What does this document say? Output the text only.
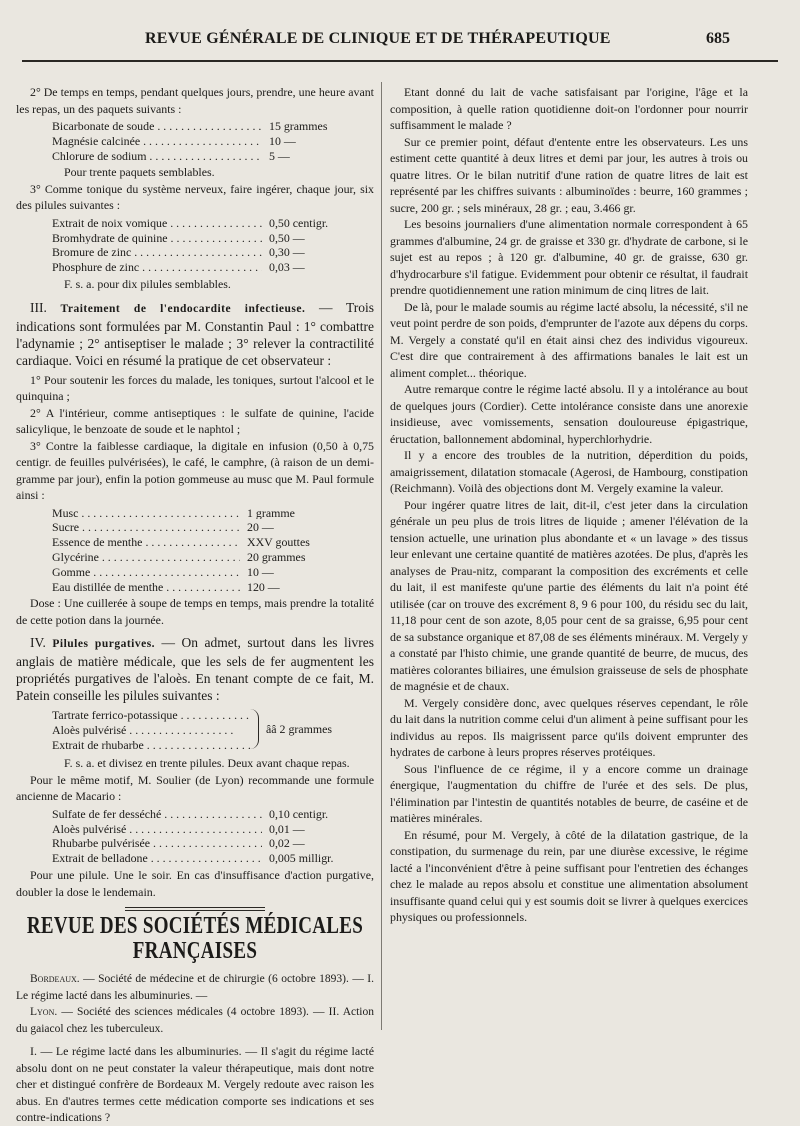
REVUE GÉNÉRALE DE CLINIQUE ET DE THÉRAPEUTIQUE	685

2° De temps en temps, pendant quelques jours, prendre, une heure avant les repas, un des paquets suivants :

Bicarbonate de soude . . .	15 grammes
Magnésie calcinée . . .	10 —
Chlorure de sodium . . .	5 —

Pour trente paquets semblables.

3° Comme tonique du système nerveux, faire ingérer, chaque jour, six des pilules suivantes :

Extrait de noix vomique . . .	0,50 centigr.
Bromhydrate de quinine . . .	0,50 —
Bromure de zinc . . .	0,30 —
Phosphure de zinc . . .	0,03 —

F. s. a. pour dix pilules semblables.

III. Traitement de l'endocardite infectieuse. — Trois indications sont formulées par M. Constantin Paul : 1° combattre l'adynamie ; 2° antiseptiser le malade ; 3° relever la contractilité cardiaque. Voici en résumé la pratique de cet observateur :

1° Pour soutenir les forces du malade, les toniques, surtout l'alcool et le quinquina ;

2° A l'intérieur, comme antiseptiques : le sulfate de quinine, l'acide salicylique, le benzoate de soude et le naphtol ;

3° Contre la faiblesse cardiaque, la digitale en infusion (0,50 à 0,75 centigr. de feuilles pulvérisées), le café, le camphre, (à raison de un demi-gramme par jour), enfin la potion gommeuse au musc que M. Paul formule ainsi :

Musc . . .	1 gramme
Sucre . . .	20 —
Essence de menthe . . .	XXV gouttes
Glycérine . . .	20 grammes
Gomme . . .	10 —
Eau distillée de menthe . . .	120 —

Dose : Une cuillerée à soupe de temps en temps, mais prendre la totalité de cette potion dans la journée.

IV. Pilules purgatives. — On admet, surtout dans les livres anglais de matière médicale, que les sels de fer augmentent les propriétés purgatives de l'aloès. En tenant compte de ce fait, M. Patein conseille les pilules suivantes :

Tartrate ferrico-potassique . . .
Aloès pulvérisé . . .
Extrait de rhubarbe . . .
ââ 2 grammes

F. s. a. et divisez en trente pilules. Deux avant chaque repas.

Pour le même motif, M. Soulier (de Lyon) recommande une formule ancienne de Macario :

Sulfate de fer desséché . . .	0,10 centigr.
Aloès pulvérisé . . .	0,01 —
Rhubarbe pulvérisée . . .	0,02 —
Extrait de belladone . . .	0,005 milligr.

Pour une pilule. Une le soir. En cas d'insuffisance d'action purgative, doubler la dose le lendemain.

REVUE DES SOCIÉTÉS MÉDICALES FRANÇAISES

Bordeaux. — Société de médecine et de chirurgie (6 octobre 1893). — I. Le régime lacté dans les albuminuries. —

Lyon. — Société des sciences médicales (4 octobre 1893). — II. Action du gaiacol chez les tuberculeux.

I. — Le régime lacté dans les albuminuries. — Il s'agit du régime lacté absolu dont on ne peut constater la valeur thérapeutique, mais dont notre cher et distingué confrère de Bordeaux M. Vergely redoute avec raison les abus. En d'autres termes cette médication comporte ses indications et ses contre-indications ?

Etant donné du lait de vache satisfaisant par l'origine, l'âge et la composition, à quelle ration quotidienne doit-on l'ordonner pour nourrir suffisamment le malade ?

Sur ce premier point, défaut d'entente entre les observateurs. Les uns estiment cette quantité à deux litres et demi par jour, les autres à trois ou quatre litres. Or le bilan nutritif d'une ration de quatre litres de lait est représenté par les chiffres suivants : albuminoïdes : beurre, 160 grammes ; sucre, 200 gr. ; sels minéraux, 28 gr. ; eau, 3.466 gr.

Les besoins journaliers d'une alimentation normale correspondent à 65 grammes d'albumine, 24 gr. de graisse et 330 gr. d'hydrate de carbone, si le sujet est au repos ; à 120 gr. d'albumine, 40 gr. de graisse, 630 gr. d'hydrocarbure s'il fatigue. Evidemment pour obtenir ce résultat, il faudrait prendre quotidiennement une ration minimum de cinq litres de lait.

De là, pour le malade soumis au régime lacté absolu, la nécessité, s'il ne veut point perdre de son poids, d'emprunter de l'azote aux dépens du corps. M. Vergely a constaté qu'il en était ainsi chez des individus vigoureux. C'est dire que contrairement à des affirmations banales le lait est un aliment complet... théorique.

Autre remarque contre le régime lacté absolu. Il y a intolérance au bout de quelques jours (Cordier). Cette intolérance consiste dans une anorexie insidieuse, avec vomissements, sensation douloureuse épigastrique, éructation, ballonnement abdominal, hyperchlorhydrie.

Il y a encore des troubles de la nutrition, déperdition du poids, amaigrissement, dilatation stomacale (Agerosi, de Hambourg, constipation (Reichmann). Voilà des objections dont M. Vergely examine la valeur.

Pour ingérer quatre litres de lait, dit-il, c'est jeter dans la circulation générale un peu plus de trois litres de liquide ; amener l'élévation de la tension actuelle, une urination plus abondante et « un lavage » des tissus leur enlevant une certaine quantité de matières azotées. De plus, d'après les analyses de Prau-nitz, comparant la composition des excréments et celle du lait, il est manifeste qu'une partie des éléments du lait n'a point été utilisée (car on trouve des excrément 8, 9 6 pour 100, du résidu sec du lait, 11,18 pour cent de son azote, 8,05 pour cent de sa graisse, 6,95 pour cent de sa substance organique et 87,08 de ses éléments minéraux. M. Vergely y a constaté par l'histo chimie, une grande quantité de beurre, de mucus, des matières colorantes biliaires, une émulsion graisseuse de sels de phosphate de magnésie et de chaux.

M. Vergely considère donc, avec quelques réserves cependant, le rôle du lait dans la nutrition comme celui d'un aliment à peine suffisant pour les individus au repos. Ils maigrissent parce qu'ils doivent emprunter des hydrates de carbone à leurs propres réserves protéiques.

Sous l'influence de ce régime, il y a encore comme un drainage énergique, l'augmentation du chiffre de l'urée et des sels. De plus, l'élimination par l'intestin de quantités notables de beurre, de caséine et de matières minérales.

En résumé, pour M. Vergely, à côté de la dilatation gastrique, de la constipation, du surmenage du rein, par une diurèse excessive, le régime lacté a l'inconvénient d'être à peine suffisant pour l'entretien des échanges chez le malade au repos absolu et constitue une alimentation absolument insuffisante quand celui qui y est soumis doit se livrer à quelques exercices physiques ou professionnels.
